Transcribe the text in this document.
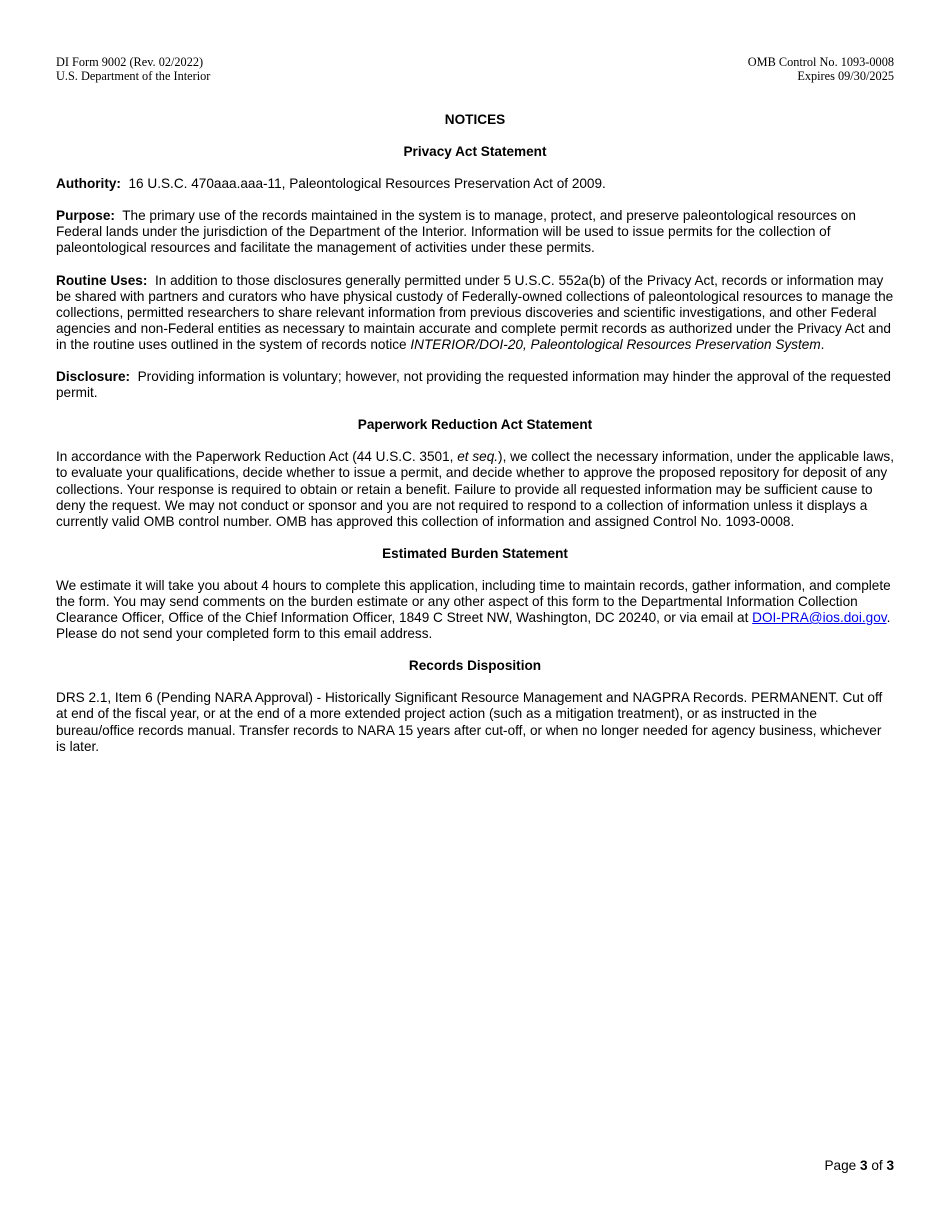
DI Form 9002 (Rev. 02/2022)
U.S. Department of the Interior
OMB Control No. 1093-0008
Expires 09/30/2025

NOTICES

Privacy Act Statement

Authority: 16 U.S.C. 470aaa.aaa-11, Paleontological Resources Preservation Act of 2009.

Purpose: The primary use of the records maintained in the system is to manage, protect, and preserve paleontological resources on Federal lands under the jurisdiction of the Department of the Interior. Information will be used to issue permits for the collection of paleontological resources and facilitate the management of activities under these permits.

Routine Uses: In addition to those disclosures generally permitted under 5 U.S.C. 552a(b) of the Privacy Act, records or information may be shared with partners and curators who have physical custody of Federally-owned collections of paleontological resources to manage the collections, permitted researchers to share relevant information from previous discoveries and scientific investigations, and other Federal agencies and non-Federal entities as necessary to maintain accurate and complete permit records as authorized under the Privacy Act and in the routine uses outlined in the system of records notice INTERIOR/DOI-20, Paleontological Resources Preservation System.

Disclosure: Providing information is voluntary; however, not providing the requested information may hinder the approval of the requested permit.

Paperwork Reduction Act Statement

In accordance with the Paperwork Reduction Act (44 U.S.C. 3501, et seq.), we collect the necessary information, under the applicable laws, to evaluate your qualifications, decide whether to issue a permit, and decide whether to approve the proposed repository for deposit of any collections. Your response is required to obtain or retain a benefit. Failure to provide all requested information may be sufficient cause to deny the request. We may not conduct or sponsor and you are not required to respond to a collection of information unless it displays a currently valid OMB control number. OMB has approved this collection of information and assigned Control No. 1093-0008.

Estimated Burden Statement

We estimate it will take you about 4 hours to complete this application, including time to maintain records, gather information, and complete the form. You may send comments on the burden estimate or any other aspect of this form to the Departmental Information Collection Clearance Officer, Office of the Chief Information Officer, 1849 C Street NW, Washington, DC 20240, or via email at DOI-PRA@ios.doi.gov. Please do not send your completed form to this email address.

Records Disposition

DRS 2.1, Item 6 (Pending NARA Approval) - Historically Significant Resource Management and NAGPRA Records. PERMANENT. Cut off at end of the fiscal year, or at the end of a more extended project action (such as a mitigation treatment), or as instructed in the bureau/office records manual. Transfer records to NARA 15 years after cut-off, or when no longer needed for agency business, whichever is later.

Page 3 of 3
